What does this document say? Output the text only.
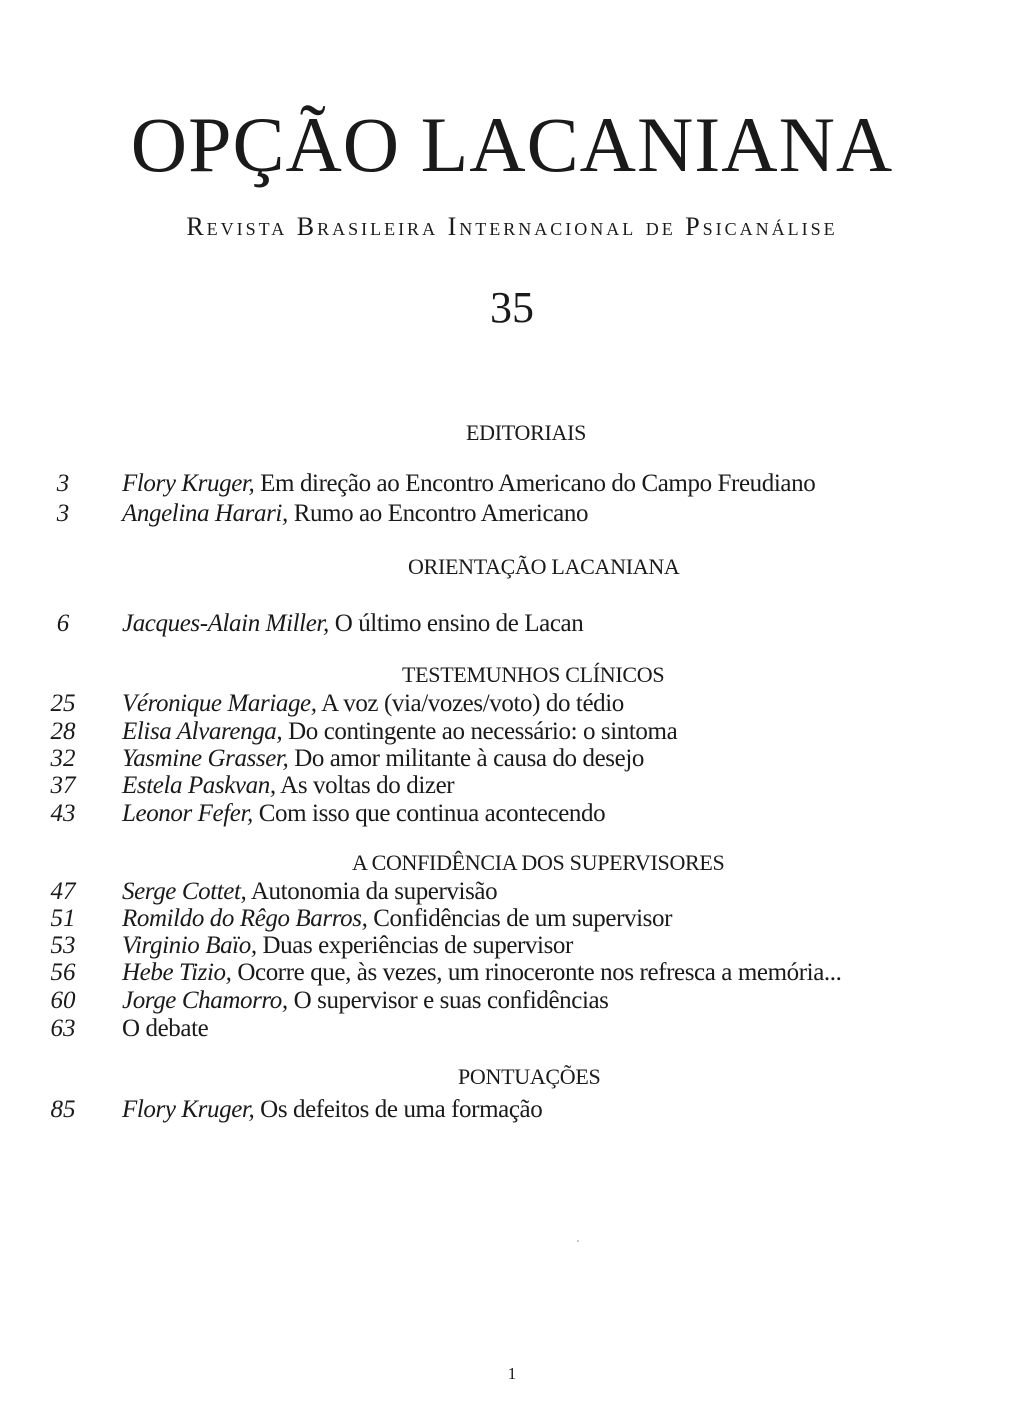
OPÇÃO LACANIANA
Revista Brasileira Internacional de Psicanálise
35
EDITORIAIS
3	Flory Kruger, Em direção ao Encontro Americano do Campo Freudiano
3	Angelina Harari, Rumo ao Encontro Americano
ORIENTAÇÃO LACANIANA
6	Jacques-Alain Miller, O último ensino de Lacan
TESTEMUNHOS CLÍNICOS
25	Véronique Mariage, A voz (via/vozes/voto) do tédio
28	Elisa Alvarenga, Do contingente ao necessário: o sintoma
32	Yasmine Grasser, Do amor militante à causa do desejo
37	Estela Paskvan, As voltas do dizer
43	Leonor Fefer, Com isso que continua acontecendo
A CONFIDÊNCIA DOS SUPERVISORES
47	Serge Cottet, Autonomia da supervisão
51	Romildo do Rêgo Barros, Confidências de um supervisor
53	Virginio Baïo, Duas experiências de supervisor
56	Hebe Tizio, Ocorre que, às vezes, um rinoceronte nos refresca a memória...
60	Jorge Chamorro, O supervisor e suas confidências
63	O debate
PONTUAÇÕES
85	Flory Kruger, Os defeitos de uma formação
1
